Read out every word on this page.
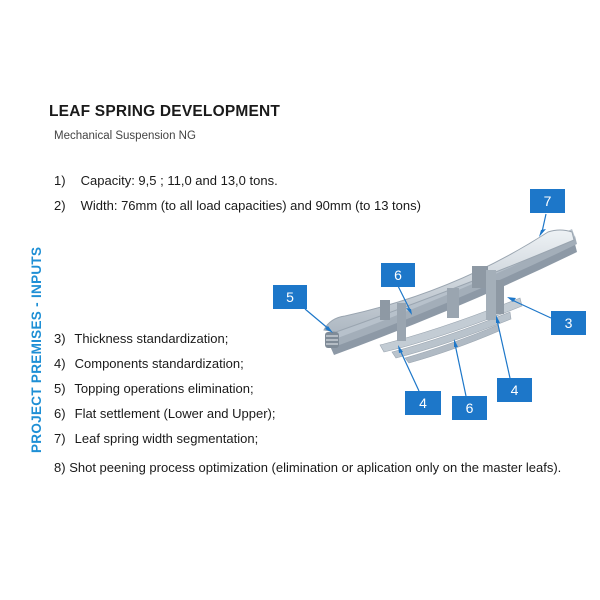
LEAF SPRING DEVELOPMENT
Mechanical Suspension NG
PROJECT PREMISES - INPUTS
1) Capacity: 9,5 ; 11,0 and 13,0 tons.
2) Width: 76mm (to all load capacities) and 90mm (to 13 tons)
3) Thickness standardization;
4) Components standardization;
5) Topping operations elimination;
6) Flat settlement (Lower and Upper);
7) Leaf spring width segmentation;
8) Shot peening process optimization (elimination or aplication only on the master leafs).
7
6
5
3
4	6
4
